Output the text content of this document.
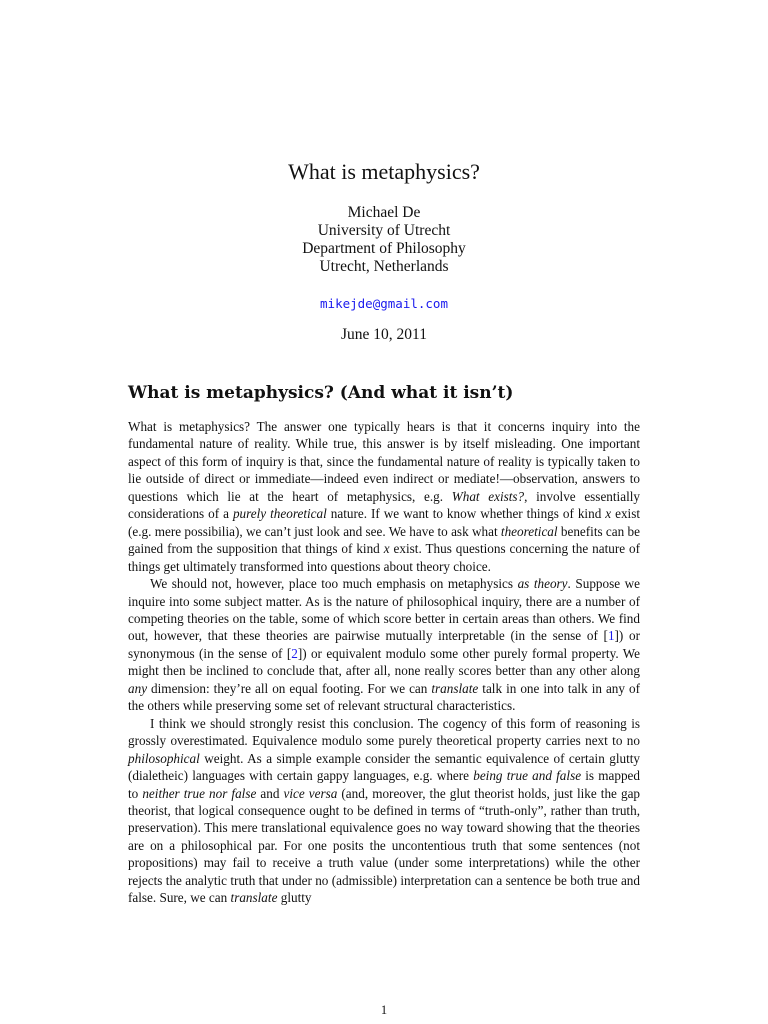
What is metaphysics?
Michael De
University of Utrecht
Department of Philosophy
Utrecht, Netherlands
mikejde@gmail.com
June 10, 2011
What is metaphysics? (And what it isn’t)

What is metaphysics? The answer one typically hears is that it concerns inquiry into the fundamental nature of reality. While true, this answer is by itself misleading. One important aspect of this form of inquiry is that, since the fundamental nature of reality is typically taken to lie outside of direct or immediate—indeed even indirect or mediate!—observation, answers to questions which lie at the heart of metaphysics, e.g. What exists?, involve essentially considerations of a purely theoretical nature. If we want to know whether things of kind x exist (e.g. mere possibilia), we can’t just look and see. We have to ask what theoretical benefits can be gained from the supposition that things of kind x exist. Thus questions concerning the nature of things get ultimately transformed into questions about theory choice.

We should not, however, place too much emphasis on metaphysics as theory. Suppose we inquire into some subject matter. As is the nature of philosophical inquiry, there are a number of competing theories on the table, some of which score better in certain areas than others. We find out, however, that these theories are pairwise mutually interpretable (in the sense of [1]) or synonymous (in the sense of [2]) or equivalent modulo some other purely formal property. We might then be inclined to conclude that, after all, none really scores better than any other along any dimension: they’re all on equal footing. For we can translate talk in one into talk in any of the others while preserving some set of relevant structural characteristics.

I think we should strongly resist this conclusion. The cogency of this form of reasoning is grossly overestimated. Equivalence modulo some purely theoretical property carries next to no philosophical weight. As a simple example consider the semantic equivalence of certain glutty (dialetheic) languages with certain gappy languages, e.g. where being true and false is mapped to neither true nor false and vice versa (and, moreover, the glut theorist holds, just like the gap theorist, that logical consequence ought to be defined in terms of “truth-only”, rather than truth, preservation). This mere translational equivalence goes no way toward showing that the theories are on a philosophical par. For one posits the uncontentious truth that some sentences (not propositions) may fail to receive a truth value (under some interpretations) while the other rejects the analytic truth that under no (admissible) interpretation can a sentence be both true and false. Sure, we can translate glutty

1
